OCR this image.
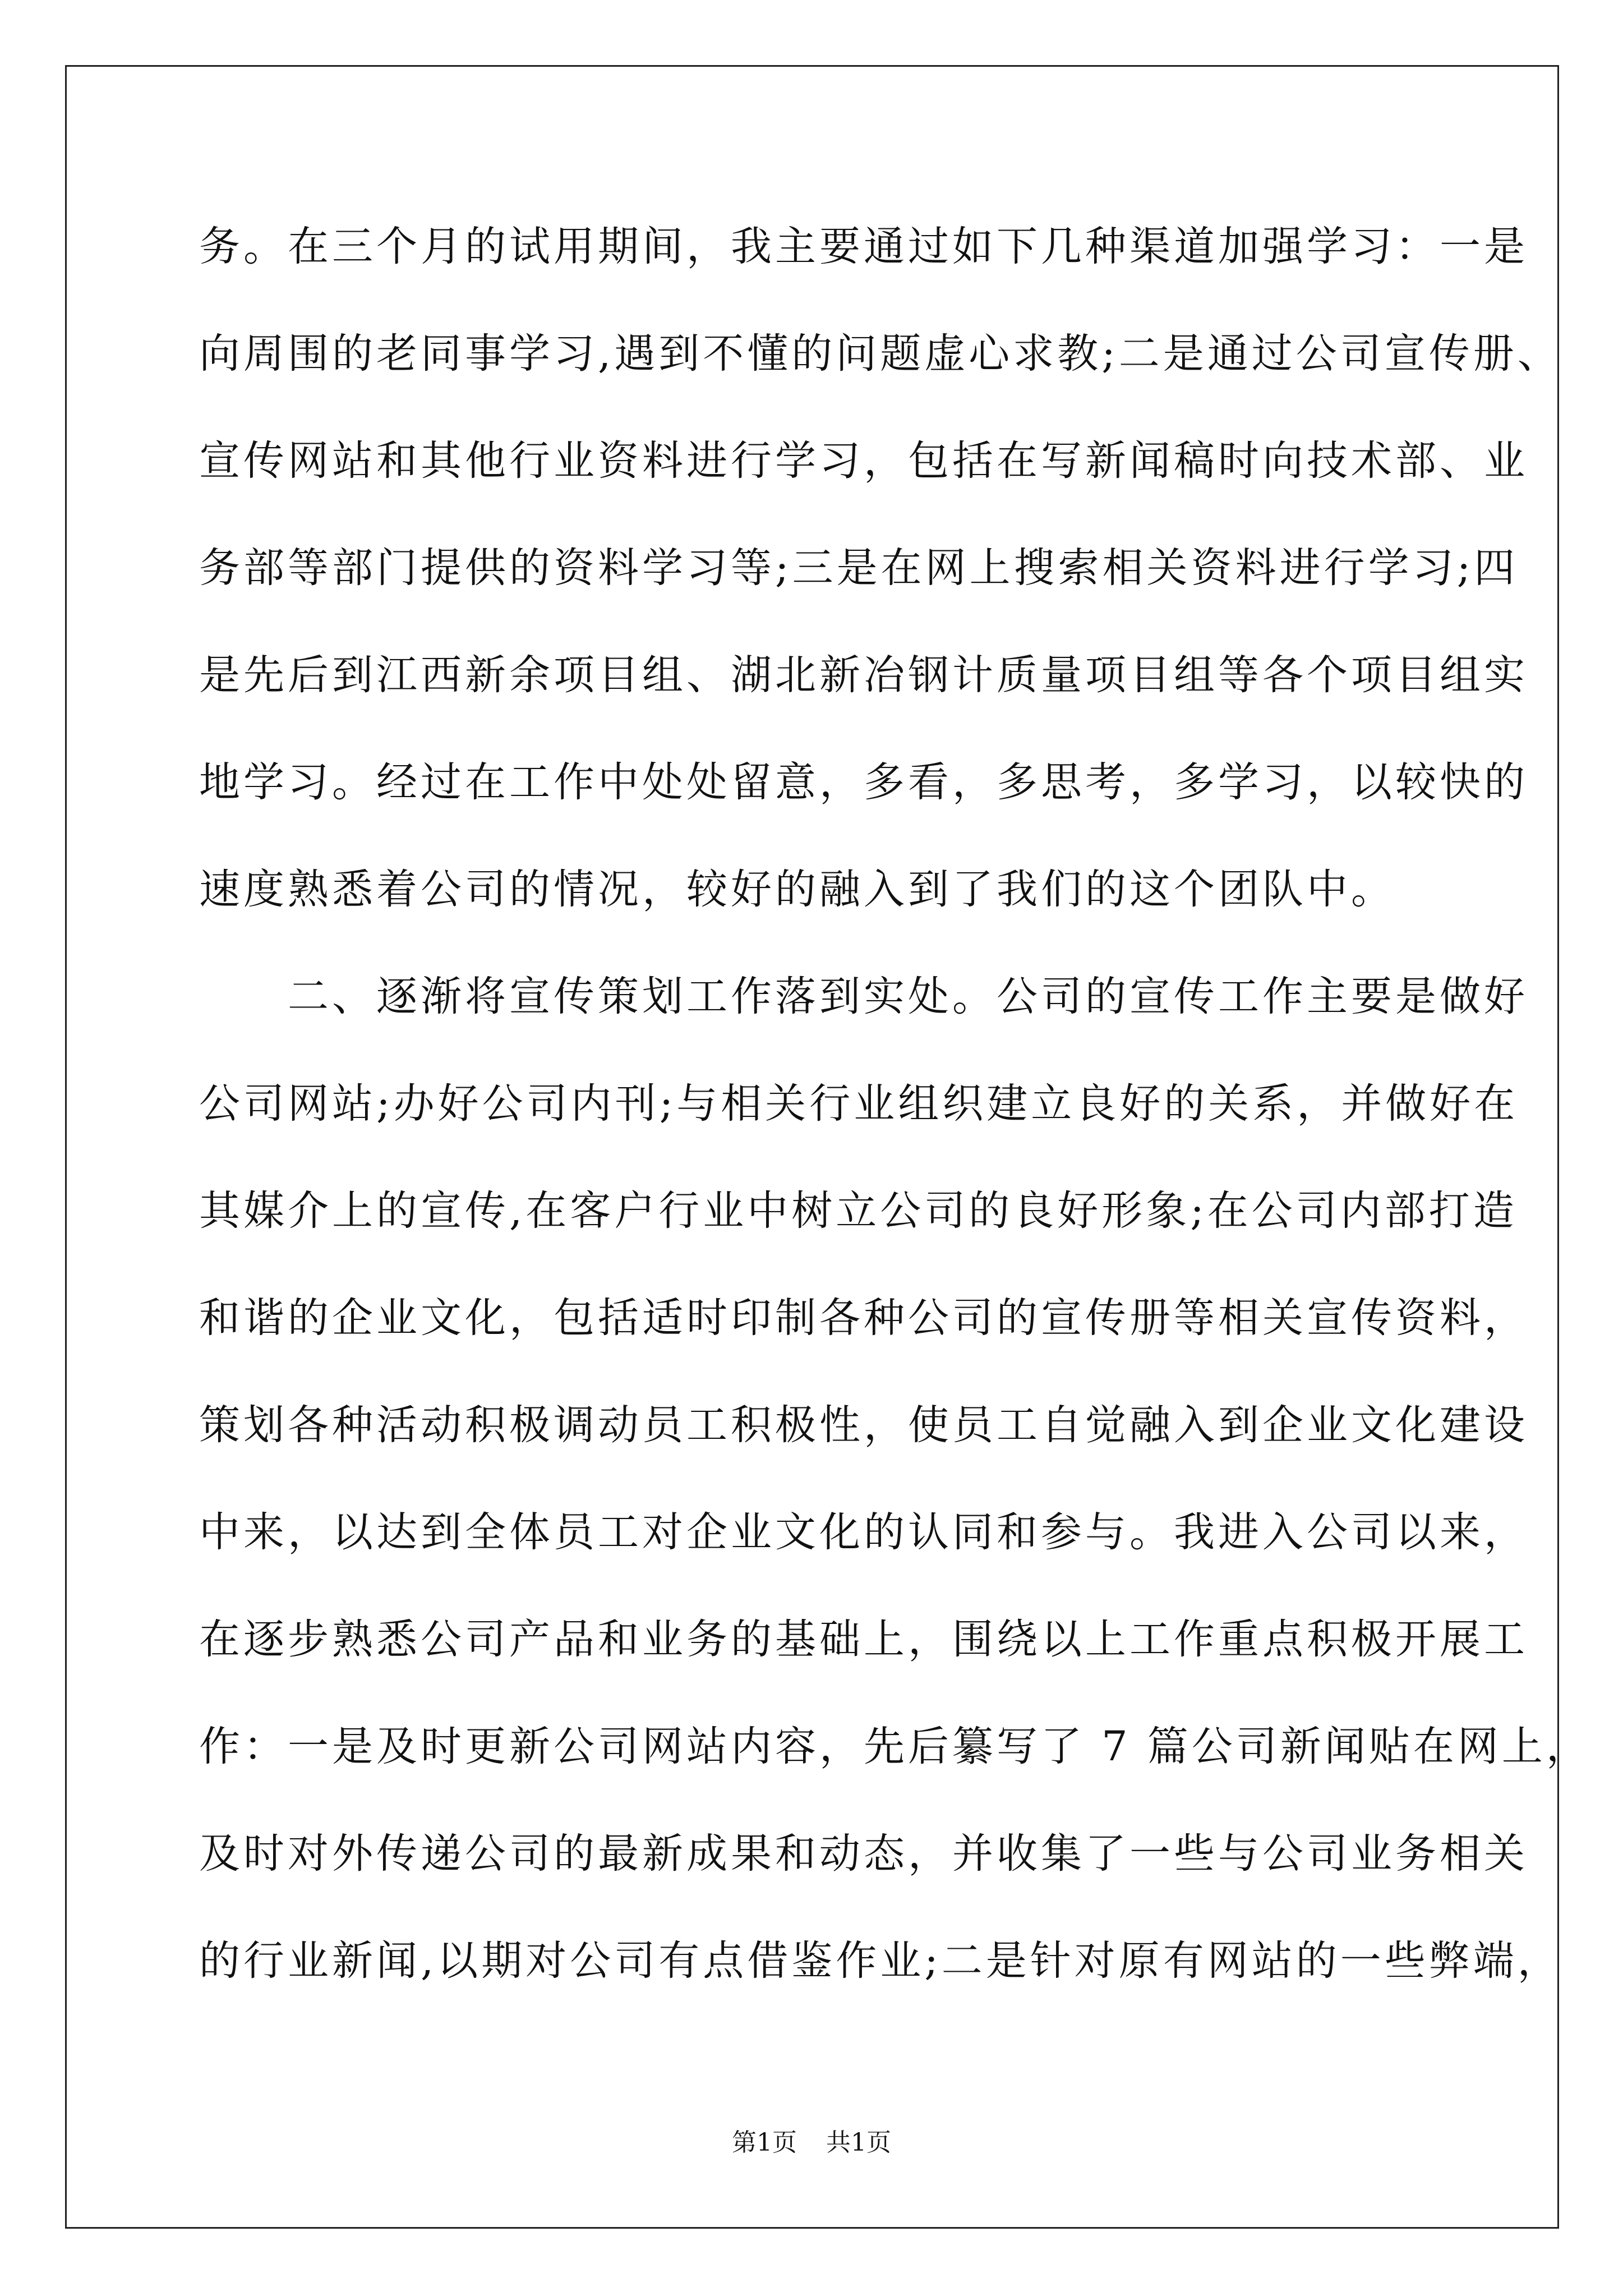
务。在三个月的试用期间，我主要通过如下几种渠道加强学习：一是
向周围的老同事学习,遇到不懂的问题虚心求教;二是通过公司宣传册、
宣传网站和其他行业资料进行学习，包括在写新闻稿时向技术部、业
务部等部门提供的资料学习等;三是在网上搜索相关资料进行学习;四
是先后到江西新余项目组、湖北新冶钢计质量项目组等各个项目组实
地学习。经过在工作中处处留意，多看，多思考，多学习，以较快的
速度熟悉着公司的情况，较好的融入到了我们的这个团队中。
　　二、逐渐将宣传策划工作落到实处。公司的宣传工作主要是做好
公司网站;办好公司内刊;与相关行业组织建立良好的关系，并做好在
其媒介上的宣传,在客户行业中树立公司的良好形象;在公司内部打造
和谐的企业文化，包括适时印制各种公司的宣传册等相关宣传资料，
策划各种活动积极调动员工积极性，使员工自觉融入到企业文化建设
中来，以达到全体员工对企业文化的认同和参与。我进入公司以来，
在逐步熟悉公司产品和业务的基础上，围绕以上工作重点积极开展工
作：一是及时更新公司网站内容，先后纂写了 7 篇公司新闻贴在网上，
及时对外传递公司的最新成果和动态，并收集了一些与公司业务相关
的行业新闻,以期对公司有点借鉴作业;二是针对原有网站的一些弊端，
第1页 共1页
